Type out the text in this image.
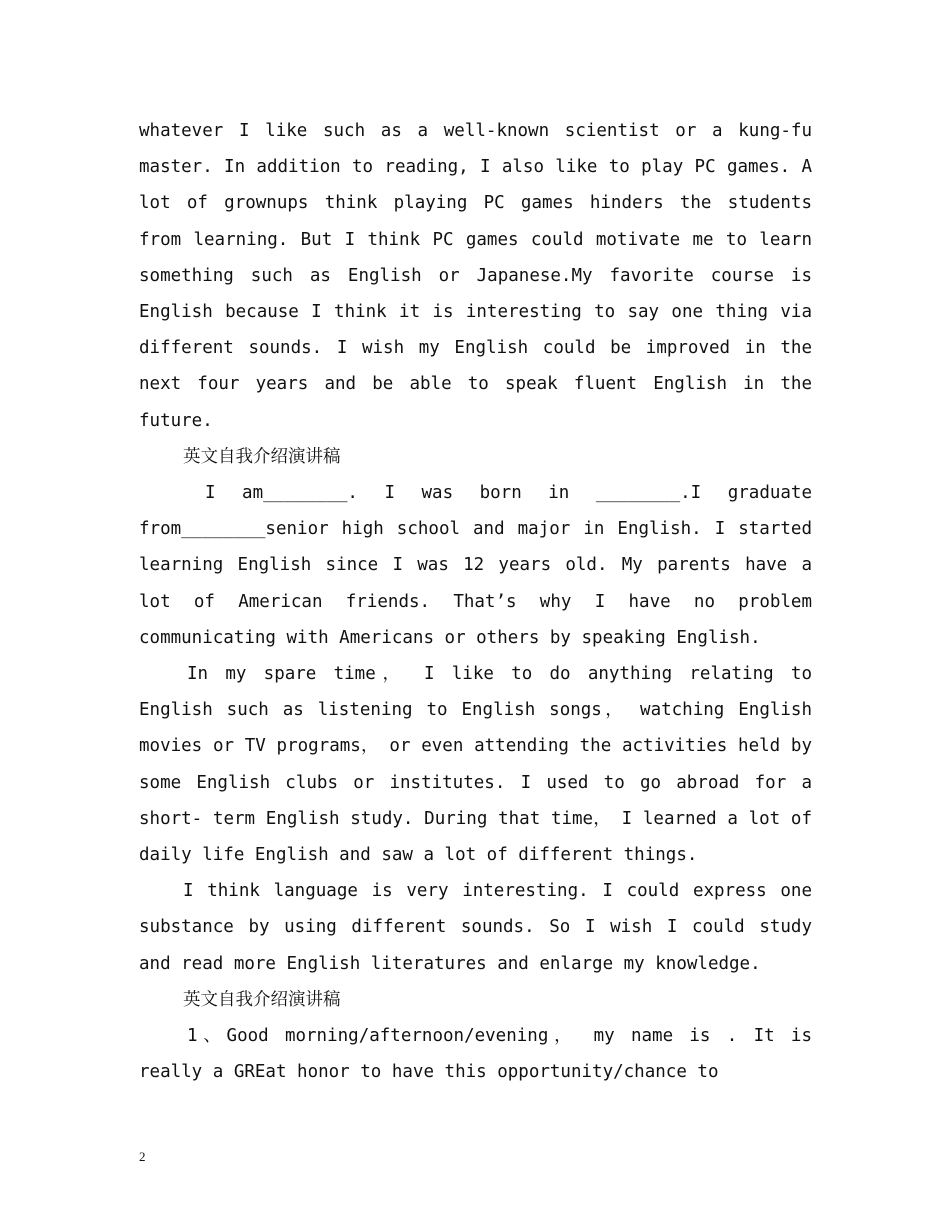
whatever I like such as a well-known scientist or a kung-fu master. In addition to reading, I also like to play PC games. A lot of grownups think playing PC games hinders the students from learning. But I think PC games could motivate me to learn something such as English or Japanese.My favorite course is English because I think it is interesting to say one thing via different sounds. I wish my English could be improved in the next four years and be able to speak fluent English in the future.

英文自我介绍演讲稿

I am________. I was born in ________.I graduate from________senior high school and major in English. I started learning English since I was 12 years old. My parents have a lot of American friends. That’s why I have no problem communicating with Americans or others by speaking English.

In my spare time， I like to do anything relating to English such as listening to English songs， watching English movies or TV programs， or even attending the activities held by some English clubs or institutes. I used to go abroad for a short- term English study. During that time， I learned a lot of daily life English and saw a lot of different things.

I think language is very interesting. I could express one substance by using different sounds. So I wish I could study and read more English literatures and enlarge my knowledge.

英文自我介绍演讲稿

1、Good morning/afternoon/evening， my name is . It is really a GREat honor to have this opportunity/chance to

2
